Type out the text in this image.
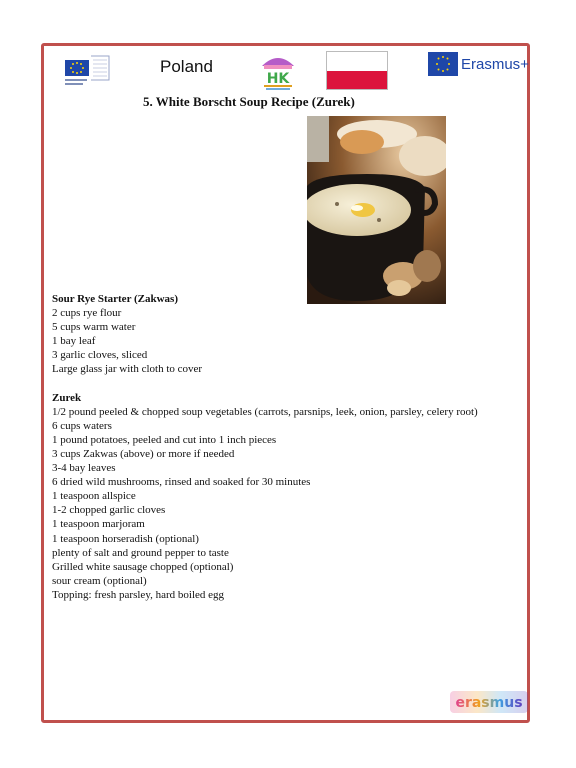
Poland
HK
Erasmus+
5. White Borscht Soup Recipe (Zurek)
Sour Rye Starter (Zakwas)
2 cups rye flour
5 cups warm water
1 bay leaf
3 garlic cloves, sliced
Large glass jar with cloth to cover
Zurek
1/2 pound peeled & chopped soup vegetables (carrots, parsnips, leek, onion, parsley, celery root)
6 cups waters
1 pound potatoes, peeled and cut into 1 inch pieces
3 cups Zakwas (above) or more if needed
3-4 bay leaves
6 dried wild mushrooms, rinsed and soaked for 30 minutes
1 teaspoon allspice
1-2 chopped garlic cloves
1 teaspoon marjoram
1 teaspoon horseradish (optional)
plenty of salt and ground pepper to taste
Grilled white sausage chopped (optional)
sour cream (optional)
Topping: fresh parsley, hard boiled egg
erasmus
